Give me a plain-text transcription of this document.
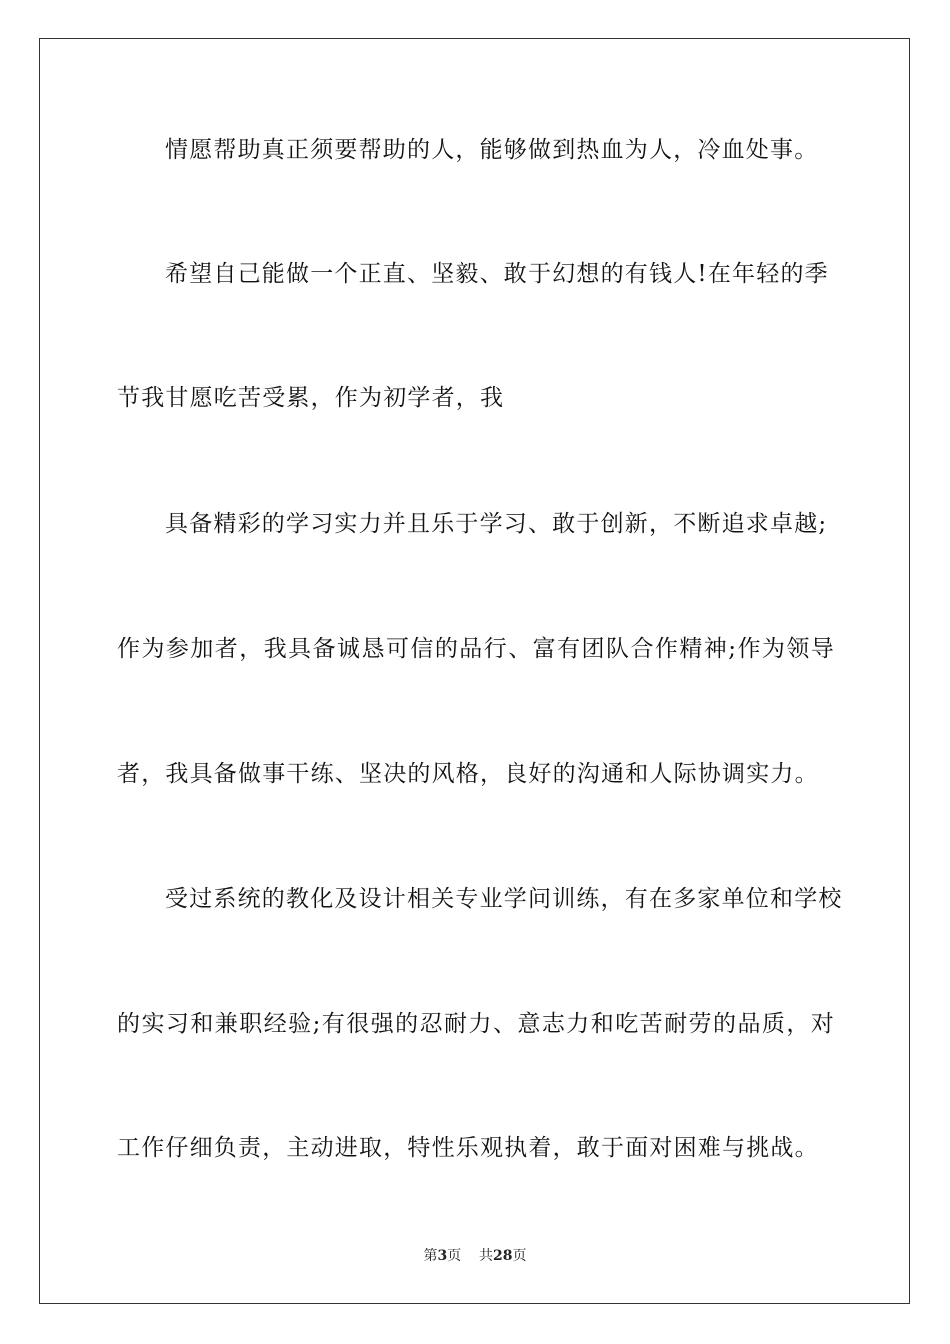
情愿帮助真正须要帮助的人，能够做到热血为人，冷血处事。
希望自己能做一个正直、坚毅、敢于幻想的有钱人!在年轻的季
节我甘愿吃苦受累，作为初学者，我
具备精彩的学习实力并且乐于学习、敢于创新，不断追求卓越;
作为参加者，我具备诚恳可信的品行、富有团队合作精神;作为领导
者，我具备做事干练、坚决的风格，良好的沟通和人际协调实力。
受过系统的教化及设计相关专业学问训练，有在多家单位和学校
的实习和兼职经验;有很强的忍耐力、意志力和吃苦耐劳的品质，对
工作仔细负责，主动进取，特性乐观执着，敢于面对困难与挑战。
第3页 共28页
